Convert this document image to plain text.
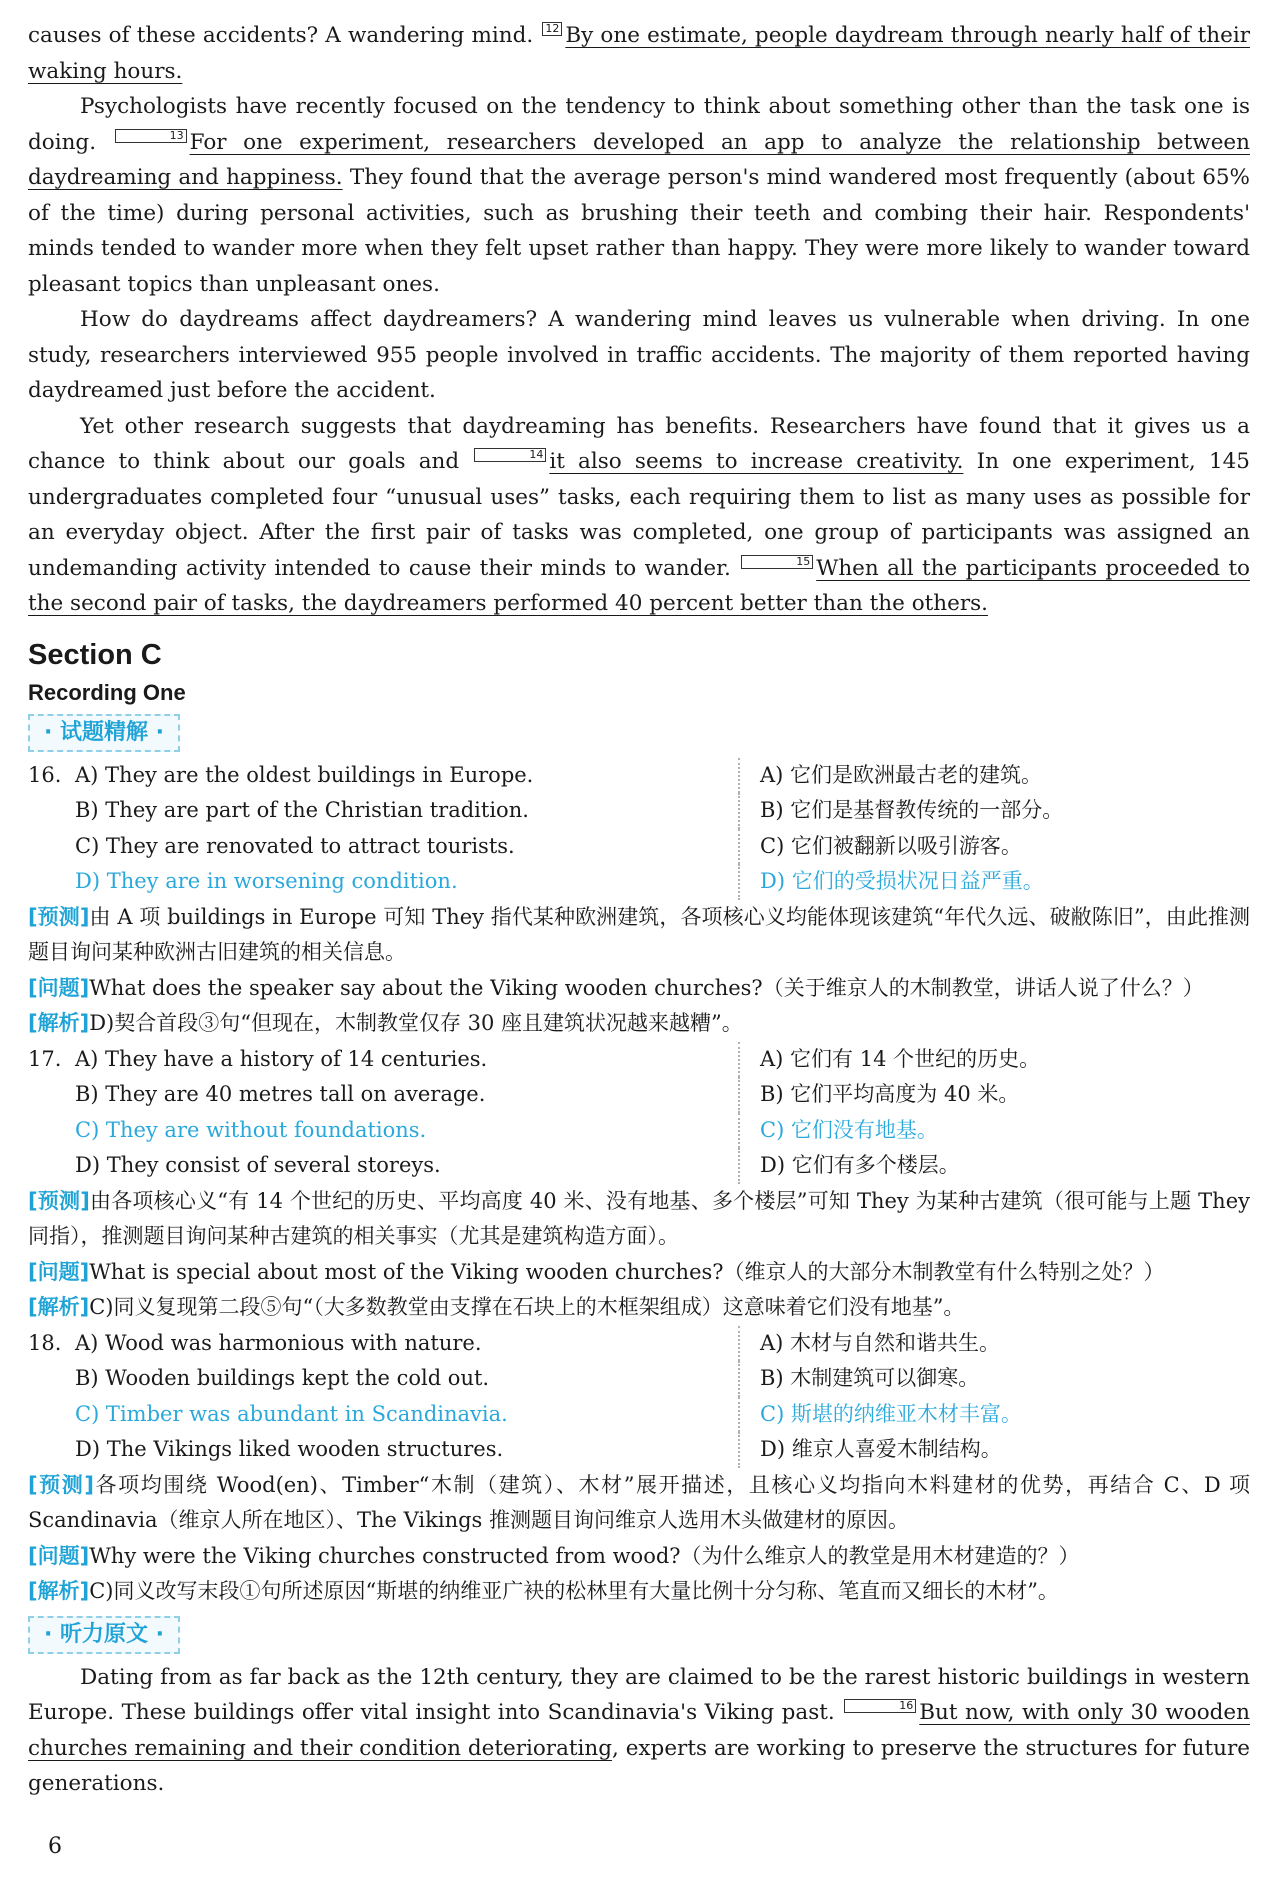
causes of these accidents? A wandering mind. 12 By one estimate, people daydream through nearly half of their waking hours.

Psychologists have recently focused on the tendency to think about something other than the task one is doing.	13 For one experiment, researchers developed an app to analyze the relationship between daydreaming and happiness. They found that the average person's mind wandered most frequently (about 65% of the time) during personal activities, such as brushing their teeth and combing their hair. Respondents' minds tended to wander more when they felt upset rather than happy. They were more likely to wander toward pleasant topics than unpleasant ones.

How do daydreams affect daydreamers? A wandering mind leaves us vulnerable when driving. In one study, researchers interviewed 955 people involved in traffic accidents. The majority of them reported having daydreamed just before the accident.

Yet other research suggests that daydreaming has benefits. Researchers have found that it gives us a chance to think about our goals and	14 it also seems to increase creativity. In one experiment, 145 undergraduates completed four “unusual uses” tasks, each requiring them to list as many uses as possible for an everyday object. After the first pair of tasks was completed, one group of participants was assigned an undemanding activity intended to cause their minds to wander.	15 When all the participants proceeded to the second pair of tasks, the daydreamers performed 40 percent better than the others.

Section C
Recording One
· 试题精解 ·
16. A) They are the oldest buildings in Europe.	A) 它们是欧洲最古老的建筑。
B) They are part of the Christian tradition.	B) 它们是基督教传统的一部分。
C) They are renovated to attract tourists.	C) 它们被翻新以吸引游客。
D) They are in worsening condition.	D) 它们的受损状况日益严重。

[预测]由 A 项 buildings in Europe 可知 They 指代某种欧洲建筑，各项核心义均能体现该建筑“年代久远、破敝陈旧”，由此推测题目询问某种欧洲古旧建筑的相关信息。

[问题]What does the speaker say about the Viking wooden churches?（关于维京人的木制教堂，讲话人说了什么？）

[解析]D)契合首段③句“但现在，木制教堂仅存 30 座且建筑状况越来越糟”。

17. A) They have a history of 14 centuries.	A) 它们有 14 个世纪的历史。
B) They are 40 metres tall on average.	B) 它们平均高度为 40 米。
C) They are without foundations.	C) 它们没有地基。
D) They consist of several storeys.	D) 它们有多个楼层。

[预测]由各项核心义“有 14 个世纪的历史、平均高度 40 米、没有地基、多个楼层”可知 They 为某种古建筑（很可能与上题 They 同指），推测题目询问某种古建筑的相关事实（尤其是建筑构造方面）。

[问题]What is special about most of the Viking wooden churches?（维京人的大部分木制教堂有什么特别之处？）

[解析]C)同义复现第二段⑤句“（大多数教堂由支撑在石块上的木框架组成）这意味着它们没有地基”。

18. A) Wood was harmonious with nature.	A) 木材与自然和谐共生。
B) Wooden buildings kept the cold out.	B) 木制建筑可以御寒。
C) Timber was abundant in Scandinavia.	C) 斯堪的纳维亚木材丰富。
D) The Vikings liked wooden structures.	D) 维京人喜爱木制结构。

[预测]各项均围绕 Wood(en)、Timber“木制（建筑）、木材”展开描述，且核心义均指向木料建材的优势，再结合 C、D 项 Scandinavia（维京人所在地区）、The Vikings 推测题目询问维京人选用木头做建材的原因。

[问题]Why were the Viking churches constructed from wood?（为什么维京人的教堂是用木材建造的？）

[解析]C)同义改写末段①句所述原因“斯堪的纳维亚广袂的松林里有大量比例十分匀称、笔直而又细长的木材”。

· 听力原文 ·

Dating from as far back as the 12th century, they are claimed to be the rarest historic buildings in western Europe. These buildings offer vital insight into Scandinavia's Viking past.	16 But now, with only 30 wooden churches remaining and their condition deteriorating, experts are working to preserve the structures for future generations.

6
